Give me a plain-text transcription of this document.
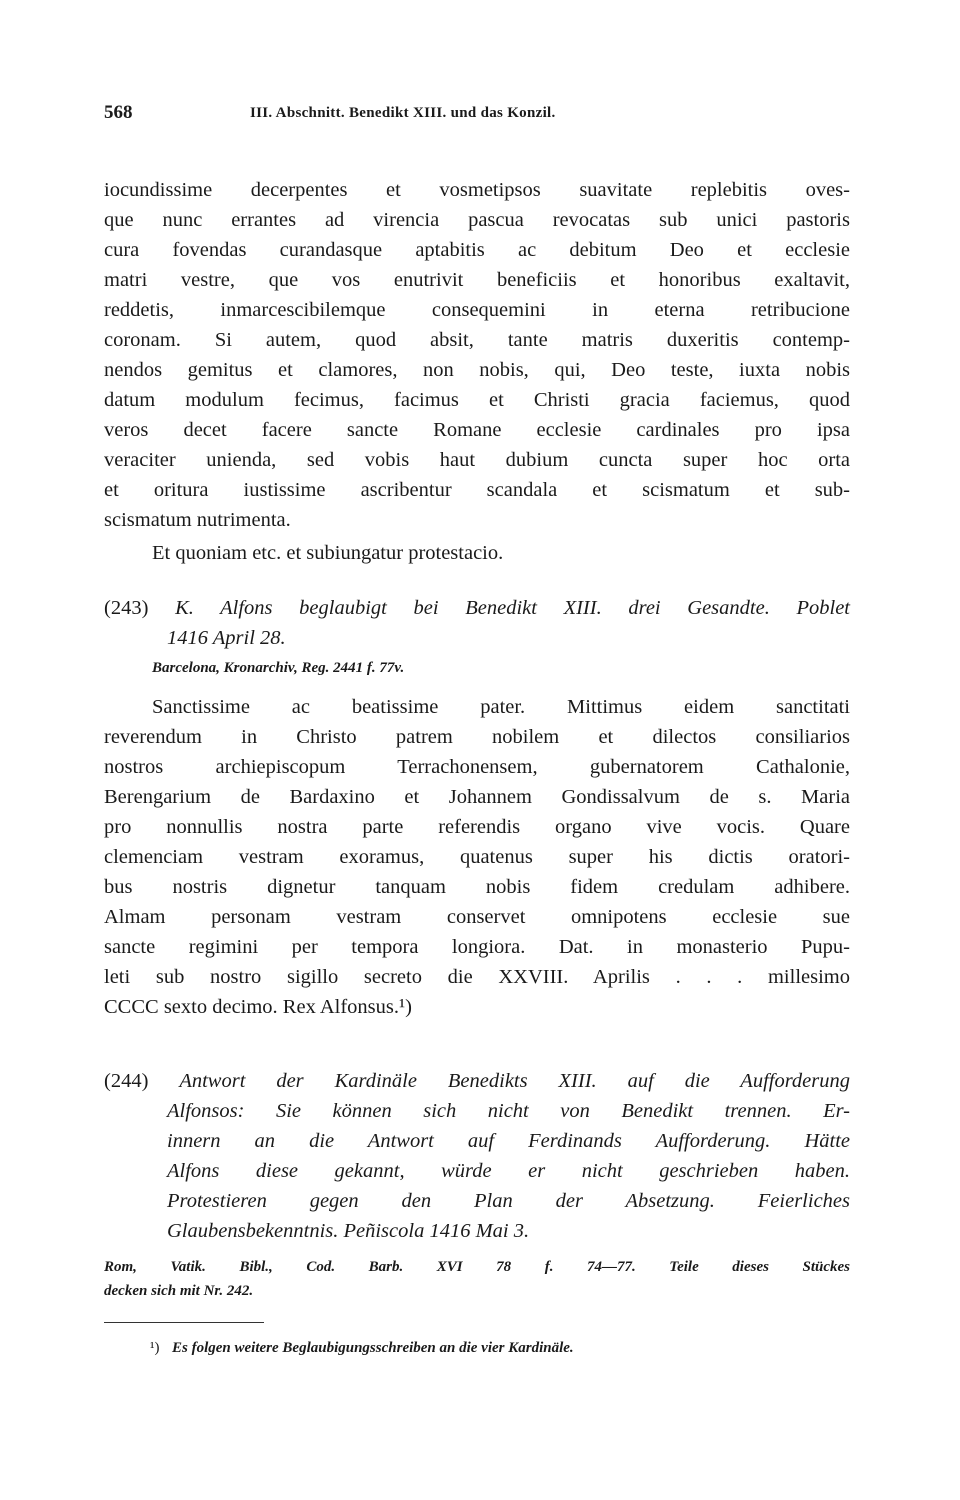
568	III. Abschnitt. Benedikt XIII. und das Konzil.
iocundissime decerpentes et vosmetipsos suavitate replebitis oves-
que nunc errantes ad virencia pascua revocatas sub unici pastoris
cura fovendas curandasque aptabitis ac debitum Deo et ecclesie
matri vestre, que vos enutrivit beneficiis et honoribus exaltavit,
reddetis, inmarcescibilemque consequemini in eterna retribucione
coronam. Si autem, quod absit, tante matris duxeritis contemp-
nendos gemitus et clamores, non nobis, qui, Deo teste, iuxta nobis
datum modulum fecimus, facimus et Christi gracia faciemus, quod
veros decet facere sancte Romane ecclesie cardinales pro ipsa
veraciter unienda, sed vobis haut dubium cuncta super hoc orta
et oritura iustissime ascribentur scandala et scismatum et sub-
scismatum nutrimenta.
Et quoniam etc. et subiungatur protestacio.
(243) K. Alfons beglaubigt bei Benedikt XIII. drei Gesandte. Poblet
1416 April 28.
Barcelona, Kronarchiv, Reg. 2441 f. 77v.
Sanctissime ac beatissime pater. Mittimus eidem sanctitati
reverendum in Christo patrem nobilem et dilectos consiliarios
nostros archiepiscopum Terrachonensem, gubernatorem Cathalonie,
Berengarium de Bardaxino et Johannem Gondissalvum de s. Maria
pro nonnullis nostra parte referendis organo vive vocis. Quare
clemenciam vestram exoramus, quatenus super his dictis oratori-
bus nostris dignetur tanquam nobis fidem credulam adhibere.
Almam personam vestram conservet omnipotens ecclesie sue
sancte regimini per tempora longiora. Dat. in monasterio Pupu-
leti sub nostro sigillo secreto die XXVIII. Aprilis . . . millesimo
CCCC sexto decimo. Rex Alfonsus.¹)
(244) Antwort der Kardinäle Benedikts XIII. auf die Aufforderung
Alfonsos: Sie können sich nicht von Benedikt trennen. Er-
innern an die Antwort auf Ferdinands Aufforderung. Hätte
Alfons diese gekannt, würde er nicht geschrieben haben.
Protestieren gegen den Plan der Absetzung. Feierliches
Glaubensbekenntnis. Peñiscola 1416 Mai 3.
Rom, Vatik. Bibl., Cod. Barb. XVI 78 f. 74—77. Teile dieses Stückes
decken sich mit Nr. 242.
¹) Es folgen weitere Beglaubigungsschreiben an die vier Kardinäle.
